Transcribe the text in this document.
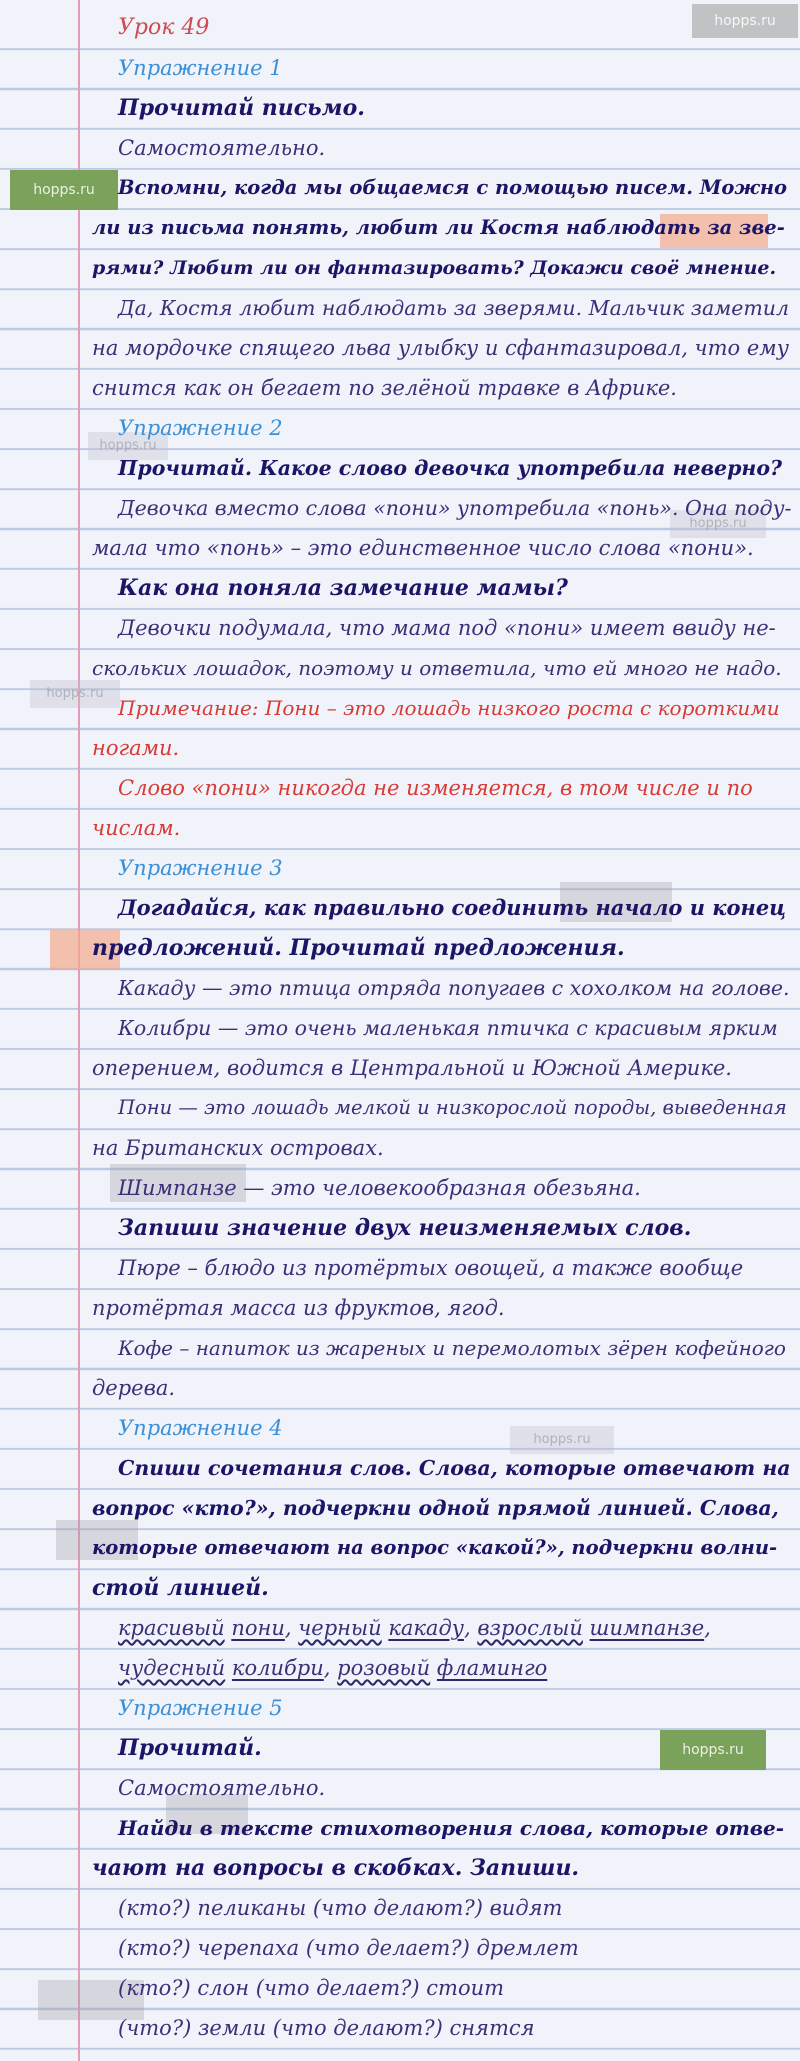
hopps.ru
hopps.ru
hopps.ru
hopps.ru
hopps.ru
hopps.ru
hopps.ru
Урок 49
Упражнение 1
Прочитай письмо.
Самостоятельно.
Вспомни, когда мы общаемся с помощью писем. Можно
ли из письма понять, любит ли Костя наблюдать за зве-
рями? Любит ли он фантазировать? Докажи своё мнение.
Да, Костя любит наблюдать за зверями. Мальчик заметил
на мордочке спящего льва улыбку и сфантазировал, что ему
снится как он бегает по зелёной травке в Африке.
Упражнение 2
Прочитай. Какое слово девочка употребила неверно?
Девочка вместо слова «пони» употребила «понь». Она поду-
мала что «понь» – это единственное число слова «пони».
Как она поняла замечание мамы?
Девочки подумала, что мама под «пони» имеет ввиду не-
скольких лошадок, поэтому и ответила, что ей много не надо.
Примечание: Пони – это лошадь низкого роста с короткими
ногами.
Слово «пони» никогда не изменяется, в том числе и по
числам.
Упражнение 3
Догадайся, как правильно соединить начало и конец
предложений. Прочитай предложения.
Какаду — это птица отряда попугаев с хохолком на голове.
Колибри — это очень маленькая птичка с красивым ярким
оперением, водится в Центральной и Южной Америке.
Пони — это лошадь мелкой и низкорослой породы, выведенная
на Британских островах.
Шимпанзе — это человекообразная обезьяна.
Запиши значение двух неизменяемых слов.
Пюре – блюдо из протёртых овощей, а также вообще
протёртая масса из фруктов, ягод.
Кофе – напиток из жареных и перемолотых зёрен кофейного
дерева.
Упражнение 4
Спиши сочетания слов. Слова, которые отвечают на
вопрос «кто?», подчеркни одной прямой линией. Слова,
которые отвечают на вопрос «какой?», подчеркни волни-
стой линией.
красивый пони, черный какаду, взрослый шимпанзе,
чудесный колибри, розовый фламинго
Упражнение 5
Прочитай.
Самостоятельно.
Найди в тексте стихотворения слова, которые отве-
чают на вопросы в скобках. Запиши.
(кто?) пеликаны (что делают?) видят
(кто?) черепаха (что делает?) дремлет
(кто?) слон (что делает?) стоит
(что?) земли (что делают?) снятся
